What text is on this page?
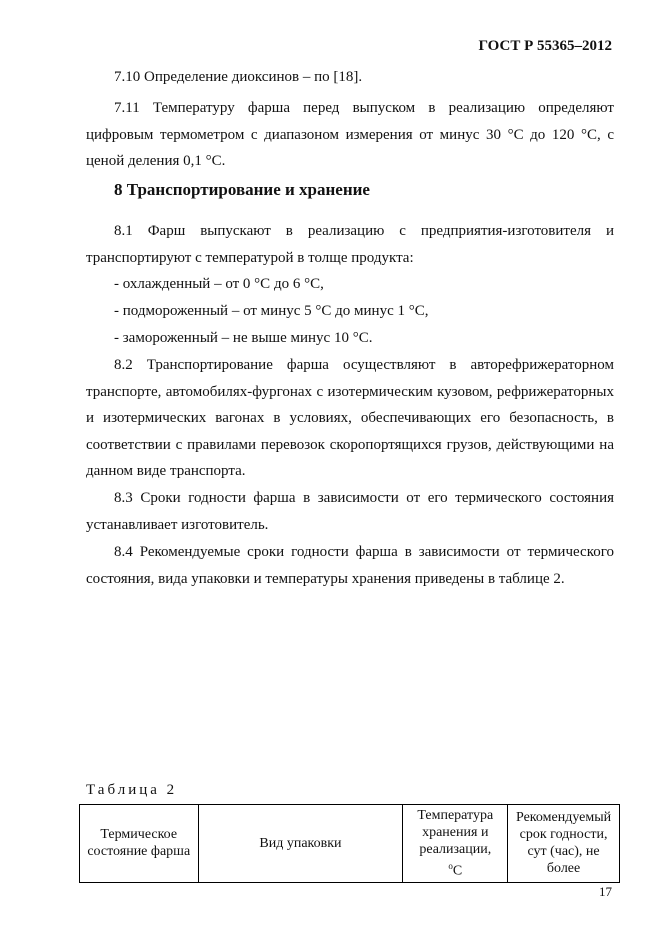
ГОСТ Р 55365–2012

7.10 Определение диоксинов – по [18].

7.11 Температуру фарша перед выпуском в реализацию определяют цифровым термометром с диапазоном измерения от минус 30 °С до 120 °С, с ценой деления 0,1 °С.

8 Транспортирование и хранение

8.1 Фарш выпускают в реализацию с предприятия-изготовителя и транспортируют с температурой в толще продукта:

- охлажденный – от 0 °С до 6 °С,

- подмороженный – от минус 5 °С до минус 1 °С,

- замороженный – не выше минус 10 °С.

8.2 Транспортирование фарша осуществляют в авторефрижераторном транспорте, автомобилях-фургонах с изотермическим кузовом, рефрижераторных и изотермических вагонах в условиях, обеспечивающих его безопасность, в соответствии с правилами перевозок скоропортящихся грузов, действующими на данном виде транспорта.

8.3 Сроки годности фарша в зависимости от его термического состояния устанавливает изготовитель.

8.4 Рекомендуемые сроки годности фарша в зависимости от термического состояния, вида упаковки и температуры хранения приведены в таблице 2.

Таблица 2
Термическое состояние фарша	Вид упаковки	Температура хранения и реализации,
$^о$С	Рекомендуемый срок годности, сут (час), не более
17
